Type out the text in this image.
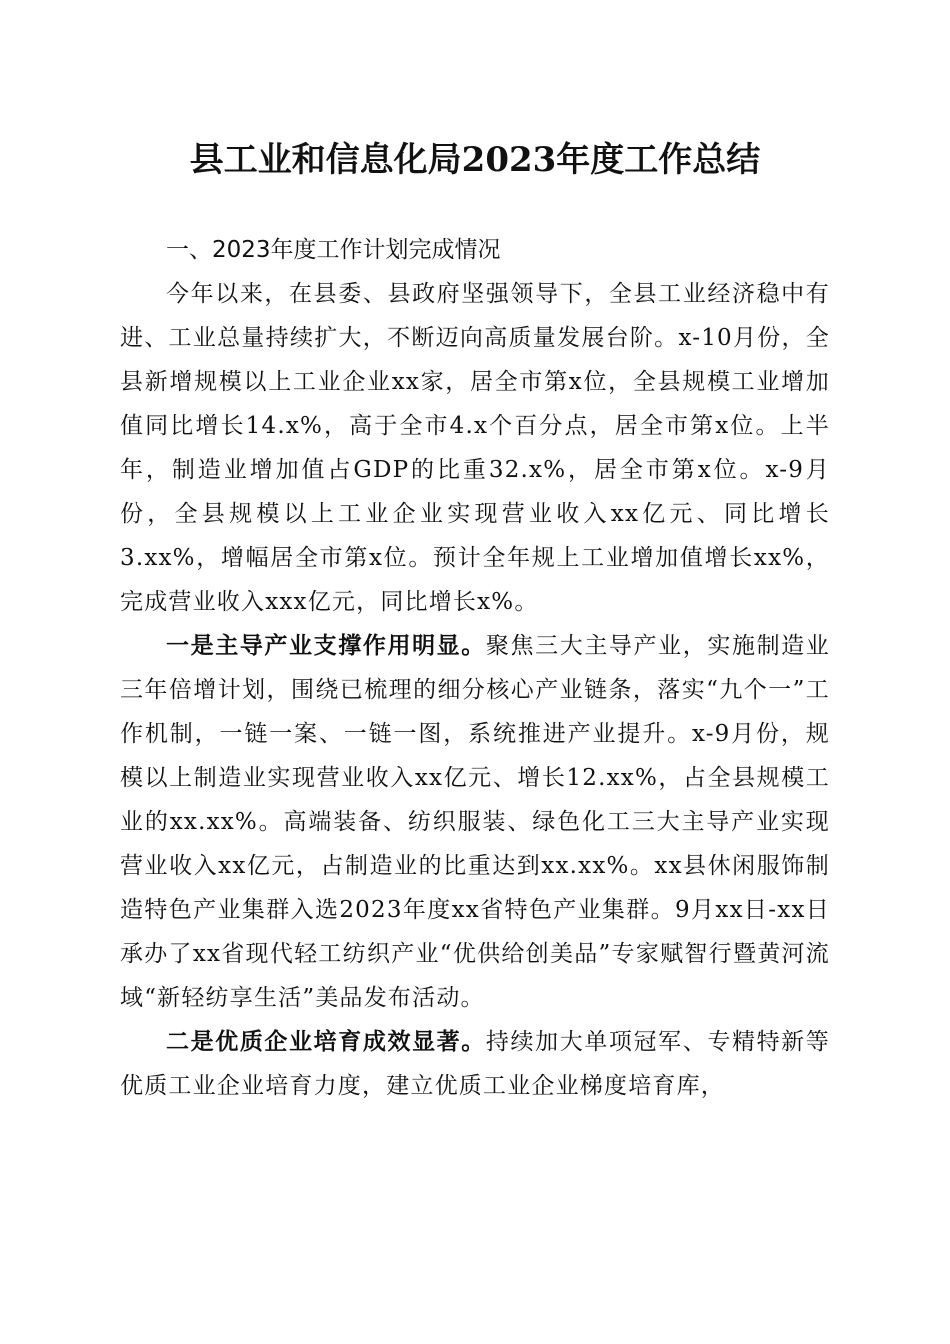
县工业和信息化局2023年度工作总结

一、2023年度工作计划完成情况

今年以来，在县委、县政府坚强领导下，全县工业经济稳中有进、工业总量持续扩大，不断迈向高质量发展台阶。x-10月份，全县新增规模以上工业企业xx家，居全市第x位，全县规模工业增加值同比增长14.x%，高于全市4.x个百分点，居全市第x位。上半年，制造业增加值占GDP的比重32.x%，居全市第x位。x-9月份，全县规模以上工业企业实现营业收入xx亿元、同比增长3.xx%，增幅居全市第x位。预计全年规上工业增加值增长xx%，完成营业收入xxx亿元，同比增长x%。

一是主导产业支撑作用明显。聚焦三大主导产业，实施制造业三年倍增计划，围绕已梳理的细分核心产业链条，落实“九个一”工作机制，一链一案、一链一图，系统推进产业提升。x-9月份，规模以上制造业实现营业收入xx亿元、增长12.xx%，占全县规模工业的xx.xx%。高端装备、纺织服装、绿色化工三大主导产业实现营业收入xx亿元，占制造业的比重达到xx.xx%。xx县休闲服饰制造特色产业集群入选2023年度xx省特色产业集群。9月xx日-xx日承办了xx省现代轻工纺织产业“优供给创美品”专家赋智行暨黄河流域“新轻纺享生活”美品发布活动。

二是优质企业培育成效显著。持续加大单项冠军、专精特新等优质工业企业培育力度，建立优质工业企业梯度培育库，
